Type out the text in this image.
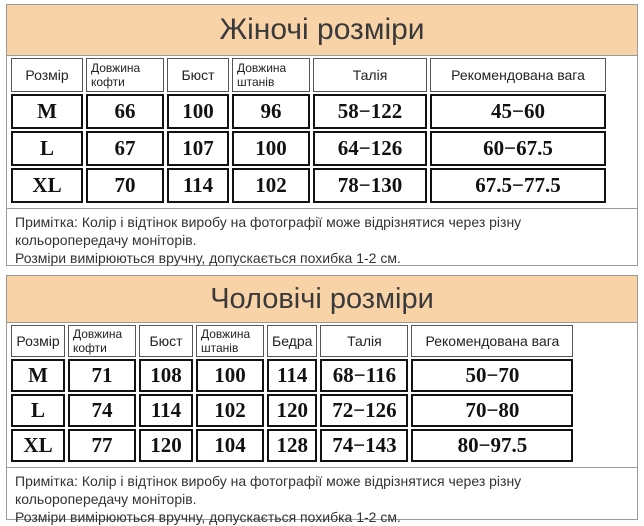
Жіночі розміри
Розмір	Довжина кофти	Бюст	Довжина штанів	Талія	Рекомендована вага
M	66	100	96	58−122	45−60
L	67	107	100	64−126	60−67.5
XL	70	114	102	78−130	67.5−77.5
Примітка: Колір і відтінок виробу на фотографії може відрізнятися через різну кольоропередачу моніторів.
Розміри вимірюються вручну, допускається похибка 1-2 см.
Чоловічі розміри
Розмір	Довжина кофти	Бюст	Довжина штанів	Бедра	Талія	Рекомендована вага
M	71	108	100	114	68−116	50−70
L	74	114	102	120	72−126	70−80
XL	77	120	104	128	74−143	80−97.5
Примітка: Колір і відтінок виробу на фотографії може відрізнятися через різну кольоропередачу моніторів.
Розміри вимірюються вручну, допускається похибка 1-2 см.
